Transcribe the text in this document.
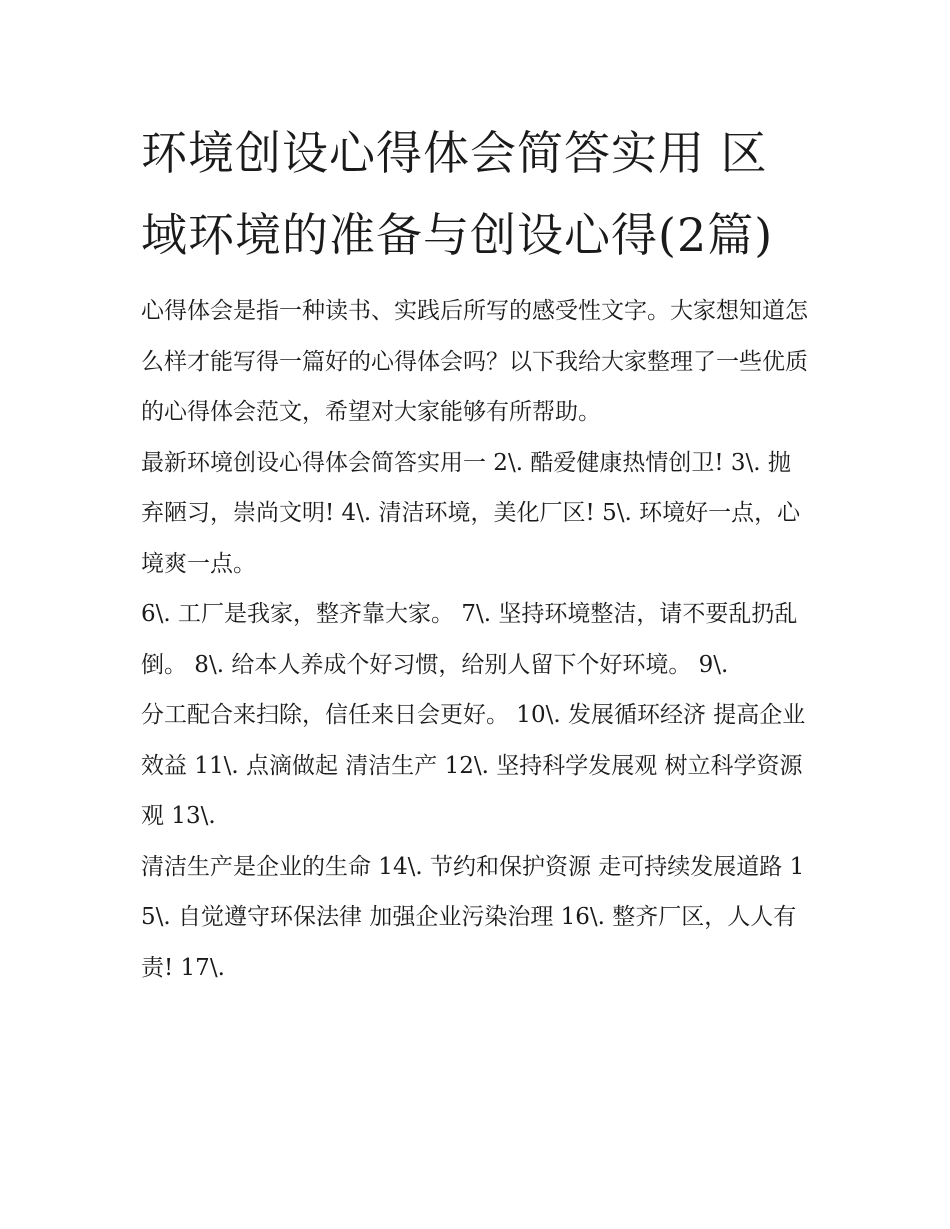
环境创设心得体会简答实用 区域环境的准备与创设心得(2篇)

心得体会是指一种读书、实践后所写的感受性文字。大家想知道怎么样才能写得一篇好的心得体会吗？以下我给大家整理了一些优质的心得体会范文，希望对大家能够有所帮助。

最新环境创设心得体会简答实用一 2\. 酷爱健康热情创卫! 3\. 抛弃陋习，崇尚文明! 4\. 清洁环境，美化厂区! 5\. 环境好一点，心境爽一点。

6\. 工厂是我家，整齐靠大家。 7\. 坚持环境整洁，请不要乱扔乱倒。 8\. 给本人养成个好习惯，给别人留下个好环境。 9\.

分工配合来扫除，信任来日会更好。 10\. 发展循环经济 提高企业效益 11\. 点滴做起 清洁生产 12\. 坚持科学发展观 树立科学资源观 13\.

清洁生产是企业的生命 14\. 节约和保护资源 走可持续发展道路 15\. 自觉遵守环保法律 加强企业污染治理 16\. 整齐厂区，人人有责! 17\.
